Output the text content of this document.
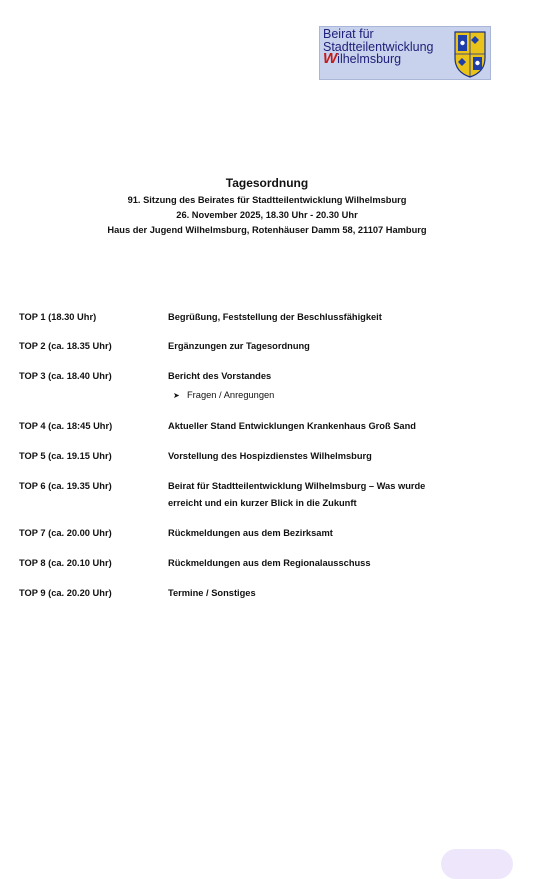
Beirat für
Stadtteilentwicklung
Wilhelmsburg
Tagesordnung
91. Sitzung des Beirates für Stadtteilentwicklung Wilhelmsburg
26. November 2025, 18.30 Uhr - 20.30 Uhr
Haus der Jugend Wilhelmsburg, Rotenhäuser Damm 58, 21107 Hamburg
TOP 1 (18.30 Uhr)	Begrüßung, Feststellung der Beschlussfähigkeit
TOP 2 (ca. 18.35 Uhr)	Ergänzungen zur Tagesordnung
TOP 3 (ca. 18.40 Uhr)	Bericht des Vorstandes
➤ Fragen / Anregungen
TOP 4 (ca. 18:45 Uhr)	Aktueller Stand Entwicklungen Krankenhaus Groß Sand
TOP 5 (ca. 19.15 Uhr)	Vorstellung des Hospizdienstes Wilhelmsburg
TOP 6 (ca. 19.35 Uhr)	Beirat für Stadtteilentwicklung Wilhelmsburg – Was wurde
erreicht und ein kurzer Blick in die Zukunft
TOP 7 (ca. 20.00 Uhr)	Rückmeldungen aus dem Bezirksamt
TOP 8 (ca. 20.10 Uhr)	Rückmeldungen aus dem Regionalausschuss
TOP 9 (ca. 20.20 Uhr)	Termine / Sonstiges
